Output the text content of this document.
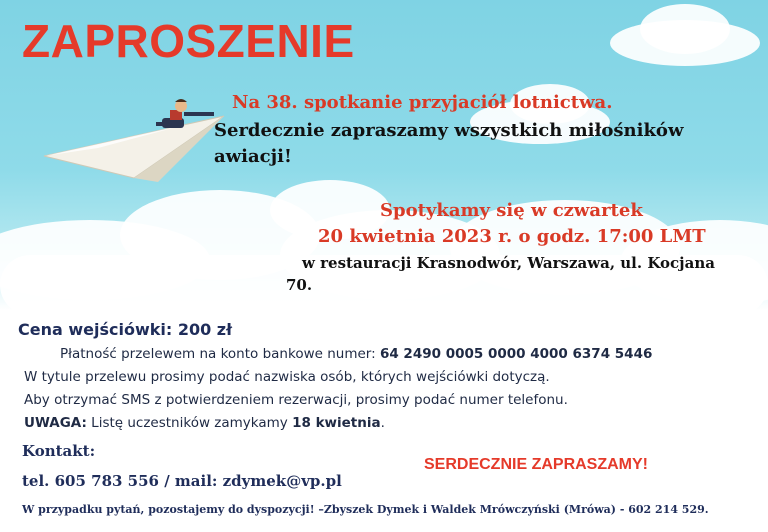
ZAPROSZENIE
Na 38. spotkanie przyjaciół lotnictwa.
Serdecznie zapraszamy wszystkich miłośników
awiacji!
Spotykamy się w czwartek
20 kwietnia 2023 r. o godz. 17:00 LMT
w restauracji Krasnodwór, Warszawa, ul. Kocjana
70.
Cena wejściówki: 200 zł
Płatność przelewem na konto bankowe numer: 64 2490 0005 0000 4000 6374 5446
W tytule przelewu prosimy podać nazwiska osób, których wejściówki dotyczą.
Aby otrzymać SMS z potwierdzeniem rezerwacji, prosimy podać numer telefonu.
UWAGA: Listę uczestników zamykamy 18 kwietnia.
Kontakt:
tel. 605 783 556 / mail: zdymek@vp.pl
SERDECZNIE ZAPRASZAMY!
W przypadku pytań, pozostajemy do dyspozycji! –Zbyszek Dymek i Waldek Mrówczyński (Mrówa) - 602 214 529.
